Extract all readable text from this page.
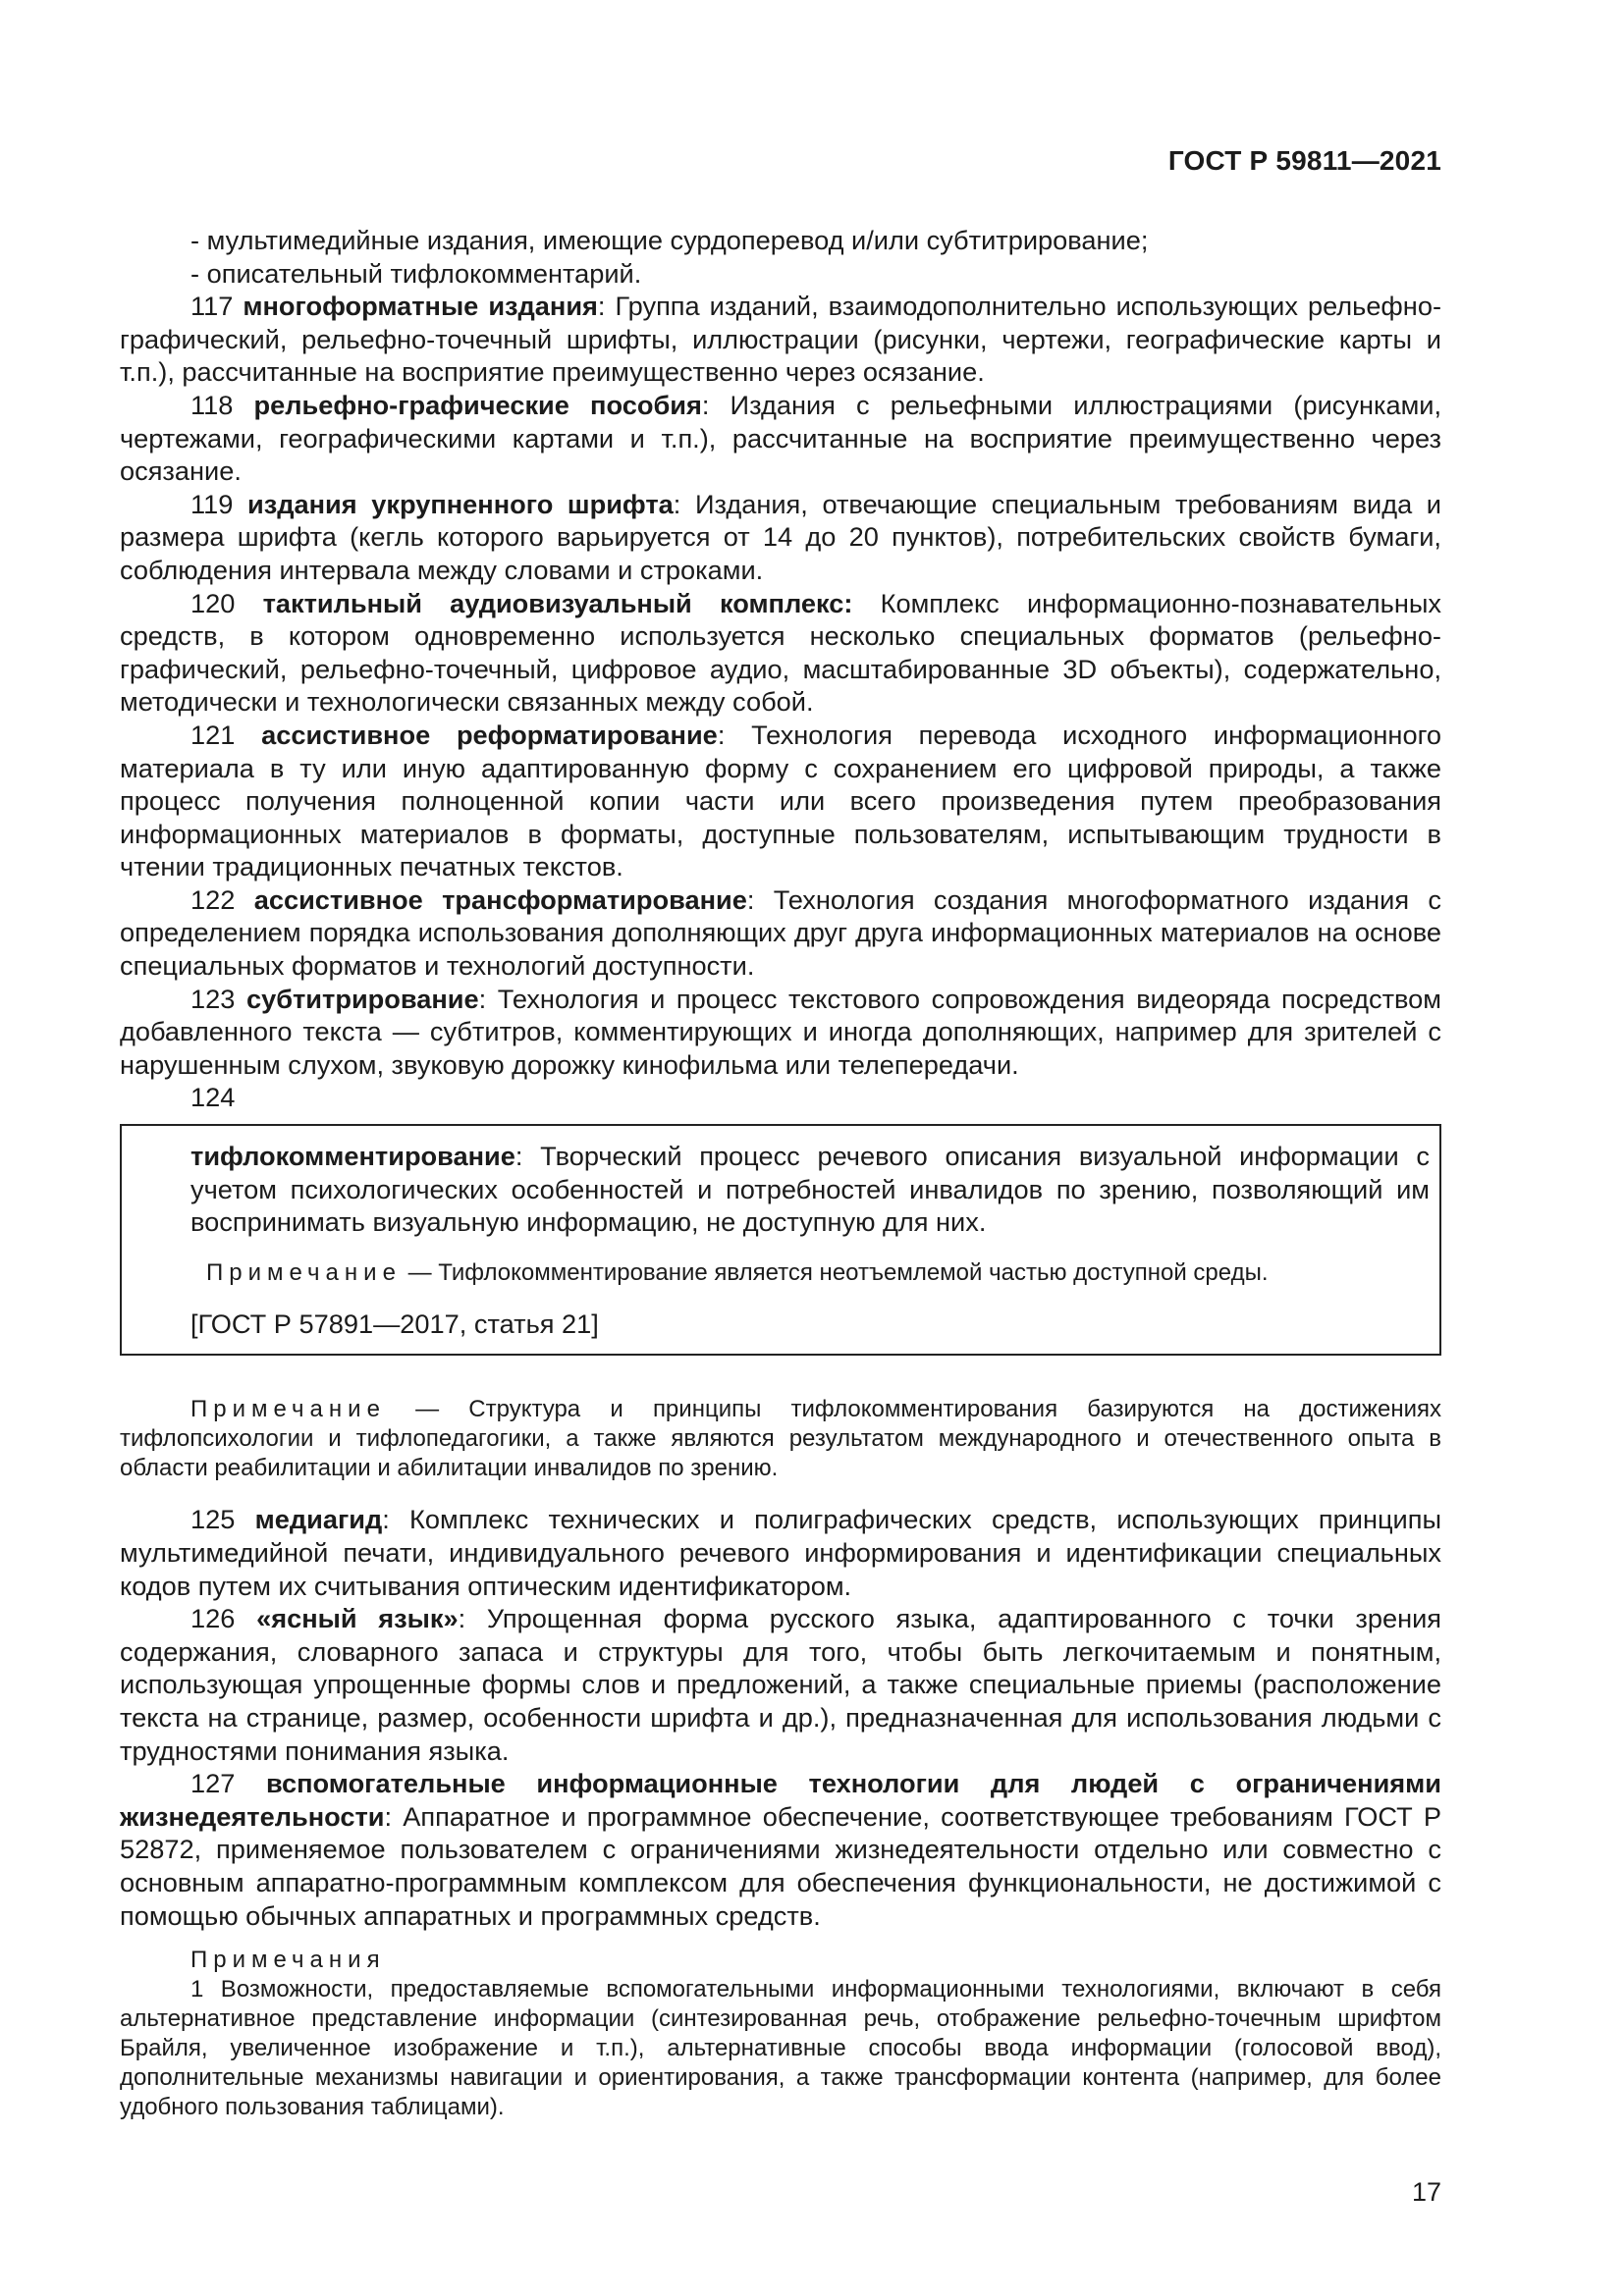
ГОСТ Р 59811—2021

- мультимедийные издания, имеющие сурдоперевод и/или субтитрирование;

- описательный тифлокомментарий.

117 многоформатные издания: Группа изданий, взаимодополнительно использующих рельефно-графический, рельефно-точечный шрифты, иллюстрации (рисунки, чертежи, географические карты и т.п.), рассчитанные на восприятие преимущественно через осязание.

118 рельефно-графические пособия: Издания с рельефными иллюстрациями (рисунками, чертежами, географическими картами и т.п.), рассчитанные на восприятие преимущественно через осязание.

119 издания укрупненного шрифта: Издания, отвечающие специальным требованиям вида и размера шрифта (кегль которого варьируется от 14 до 20 пунктов), потребительских свойств бумаги, соблюдения интервала между словами и строками.

120 тактильный аудиовизуальный комплекс: Комплекс информационно-познавательных средств, в котором одновременно используется несколько специальных форматов (рельефно-графический, рельефно-точечный, цифровое аудио, масштабированные 3D объекты), содержательно, методически и технологически связанных между собой.

121 ассистивное реформатирование: Технология перевода исходного информационного материала в ту или иную адаптированную форму с сохранением его цифровой природы, а также процесс получения полноценной копии части или всего произведения путем преобразования информационных материалов в форматы, доступные пользователям, испытывающим трудности в чтении традиционных печатных текстов.

122 ассистивное трансформатирование: Технология создания многоформатного издания с определением порядка использования дополняющих друг друга информационных материалов на основе специальных форматов и технологий доступности.

123 субтитрирование: Технология и процесс текстового сопровождения видеоряда посредством добавленного текста — субтитров, комментирующих и иногда дополняющих, например для зрителей с нарушенным слухом, звуковую дорожку кинофильма или телепередачи.

124

тифлокомментирование: Творческий процесс речевого описания визуальной информации с учетом психологических особенностей и потребностей инвалидов по зрению, позволяющий им воспринимать визуальную информацию, не доступную для них.

Примечание — Тифлокомментирование является неотъемлемой частью доступной среды.

[ГОСТ Р 57891—2017, статья 21]

Примечание — Структура и принципы тифлокомментирования базируются на достижениях тифлопсихологии и тифлопедагогики, а также являются результатом международного и отечественного опыта в области реабилитации и абилитации инвалидов по зрению.

125 медиагид: Комплекс технических и полиграфических средств, использующих принципы мультимедийной печати, индивидуального речевого информирования и идентификации специальных кодов путем их считывания оптическим идентификатором.

126 «ясный язык»: Упрощенная форма русского языка, адаптированного с точки зрения содержания, словарного запаса и структуры для того, чтобы быть легкочитаемым и понятным, использующая упрощенные формы слов и предложений, а также специальные приемы (расположение текста на странице, размер, особенности шрифта и др.), предназначенная для использования людьми с трудностями понимания языка.

127 вспомогательные информационные технологии для людей с ограничениями жизнедеятельности: Аппаратное и программное обеспечение, соответствующее требованиям ГОСТ Р 52872, применяемое пользователем с ограничениями жизнедеятельности отдельно или совместно с основным аппаратно-программным комплексом для обеспечения функциональности, не достижимой с помощью обычных аппаратных и программных средств.

Примечания

1 Возможности, предоставляемые вспомогательными информационными технологиями, включают в себя альтернативное представление информации (синтезированная речь, отображение рельефно-точечным шрифтом Брайля, увеличенное изображение и т.п.), альтернативные способы ввода информации (голосовой ввод), дополнительные механизмы навигации и ориентирования, а также трансформации контента (например, для более удобного пользования таблицами).

17
